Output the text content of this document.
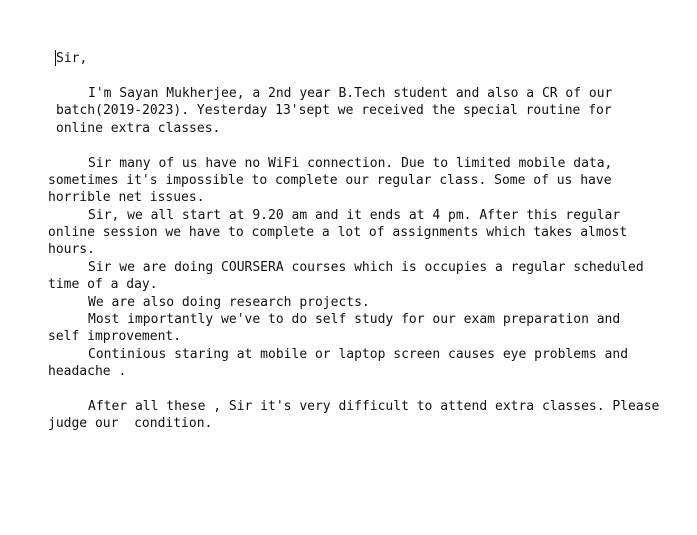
Sir,
I'm Sayan Mukherjee, a 2nd year B.Tech student and also a CR of our
batch(2019-2023). Yesterday 13'sept we received the special routine for
online extra classes.
Sir many of us have no WiFi connection. Due to limited mobile data,
sometimes it's impossible to complete our regular class. Some of us have
horrible net issues.
Sir, we all start at 9.20 am and it ends at 4 pm. After this regular
online session we have to complete a lot of assignments which takes almost
hours.
Sir we are doing COURSERA courses which is occupies a regular scheduled
time of a day.
We are also doing research projects.
Most importantly we've to do self study for our exam preparation and
self improvement.
Continious staring at mobile or laptop screen causes eye problems and
headache .
After all these , Sir it's very difficult to attend extra classes. Please
judge our  condition.
